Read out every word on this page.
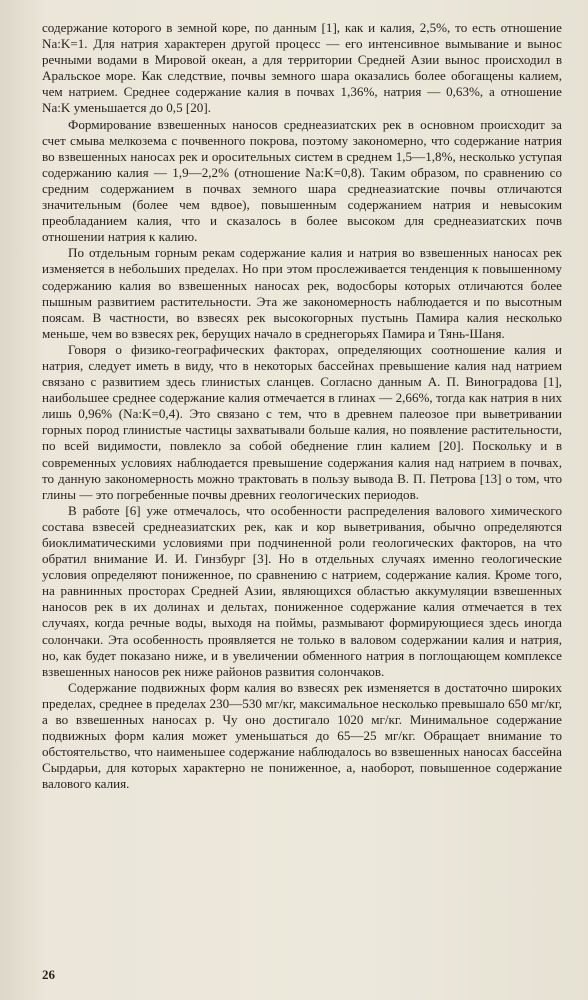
содержание которого в земной коре, по данным [1], как и калия, 2,5%, то есть отношение Na:K=1. Для натрия характерен другой процесс — его интенсивное вымывание и вынос речными водами в Мировой океан, а для территории Средней Азии вынос происходил в Аральское море. Как следствие, почвы земного шара оказались более обогащены калием, чем натрием. Среднее содержание калия в почвах 1,36%, натрия — 0,63%, а отношение Na:K уменьшается до 0,5 [20].

Формирование взвешенных наносов среднеазиатских рек в основном происходит за счет смыва мелкозема с почвенного покрова, поэтому закономерно, что содержание натрия во взвешенных наносах рек и оросительных систем в среднем 1,5—1,8%, несколько уступая содержанию калия — 1,9—2,2% (отношение Na:K=0,8). Таким образом, по сравнению со средним содержанием в почвах земного шара среднеазиатские почвы отличаются значительным (более чем вдвое), повышенным содержанием натрия и невысоким преобладанием калия, что и сказалось в более высоком для среднеазиатских почв отношении натрия к калию.

По отдельным горным рекам содержание калия и натрия во взвешенных наносах рек изменяется в небольших пределах. Но при этом прослеживается тенденция к повышенному содержанию калия во взвешенных наносах рек, водосборы которых отличаются более пышным развитием растительности. Эта же закономерность наблюдается и по высотным поясам. В частности, во взвесях рек высокогорных пустынь Памира калия несколько меньше, чем во взвесях рек, берущих начало в среднегорьях Памира и Тянь-Шаня.

Говоря о физико-географических факторах, определяющих соотношение калия и натрия, следует иметь в виду, что в некоторых бассейнах превышение калия над натрием связано с развитием здесь глинистых сланцев. Согласно данным А. П. Виноградова [1], наибольшее среднее содержание калия отмечается в глинах — 2,66%, тогда как натрия в них лишь 0,96% (Na:K=0,4). Это связано с тем, что в древнем палеозое при выветривании горных пород глинистые частицы захватывали больше калия, но появление растительности, по всей видимости, повлекло за собой обеднение глин калием [20]. Поскольку и в современных условиях наблюдается превышение содержания калия над натрием в почвах, то данную закономерность можно трактовать в пользу вывода В. П. Петрова [13] о том, что глины — это погребенные почвы древних геологических периодов.

В работе [6] уже отмечалось, что особенности распределения валового химического состава взвесей среднеазиатских рек, как и кор выветривания, обычно определяются биоклиматическими условиями при подчиненной роли геологических факторов, на что обратил внимание И. И. Гинзбург [3]. Но в отдельных случаях именно геологические условия определяют пониженное, по сравнению с натрием, содержание калия. Кроме того, на равнинных просторах Средней Азии, являющихся областью аккумуляции взвешенных наносов рек в их долинах и дельтах, пониженное содержание калия отмечается в тех случаях, когда речные воды, выходя на поймы, размывают формирующиеся здесь иногда солончаки. Эта особенность проявляется не только в валовом содержании калия и натрия, но, как будет показано ниже, и в увеличении обменного натрия в поглощающем комплексе взвешенных наносов рек ниже районов развития солончаков.

Содержание подвижных форм калия во взвесях рек изменяется в достаточно широких пределах, среднее в пределах 230—530 мг/кг, максимальное несколько превышало 650 мг/кг, а во взвешенных наносах р. Чу оно достигало 1020 мг/кг. Минимальное содержание подвижных форм калия может уменьшаться до 65—25 мг/кг. Обращает внимание то обстоятельство, что наименьшее содержание наблюдалось во взвешенных наносах бассейна Сырдарьи, для которых характерно не пониженное, а, наоборот, повышенное содержание валового калия.

26
